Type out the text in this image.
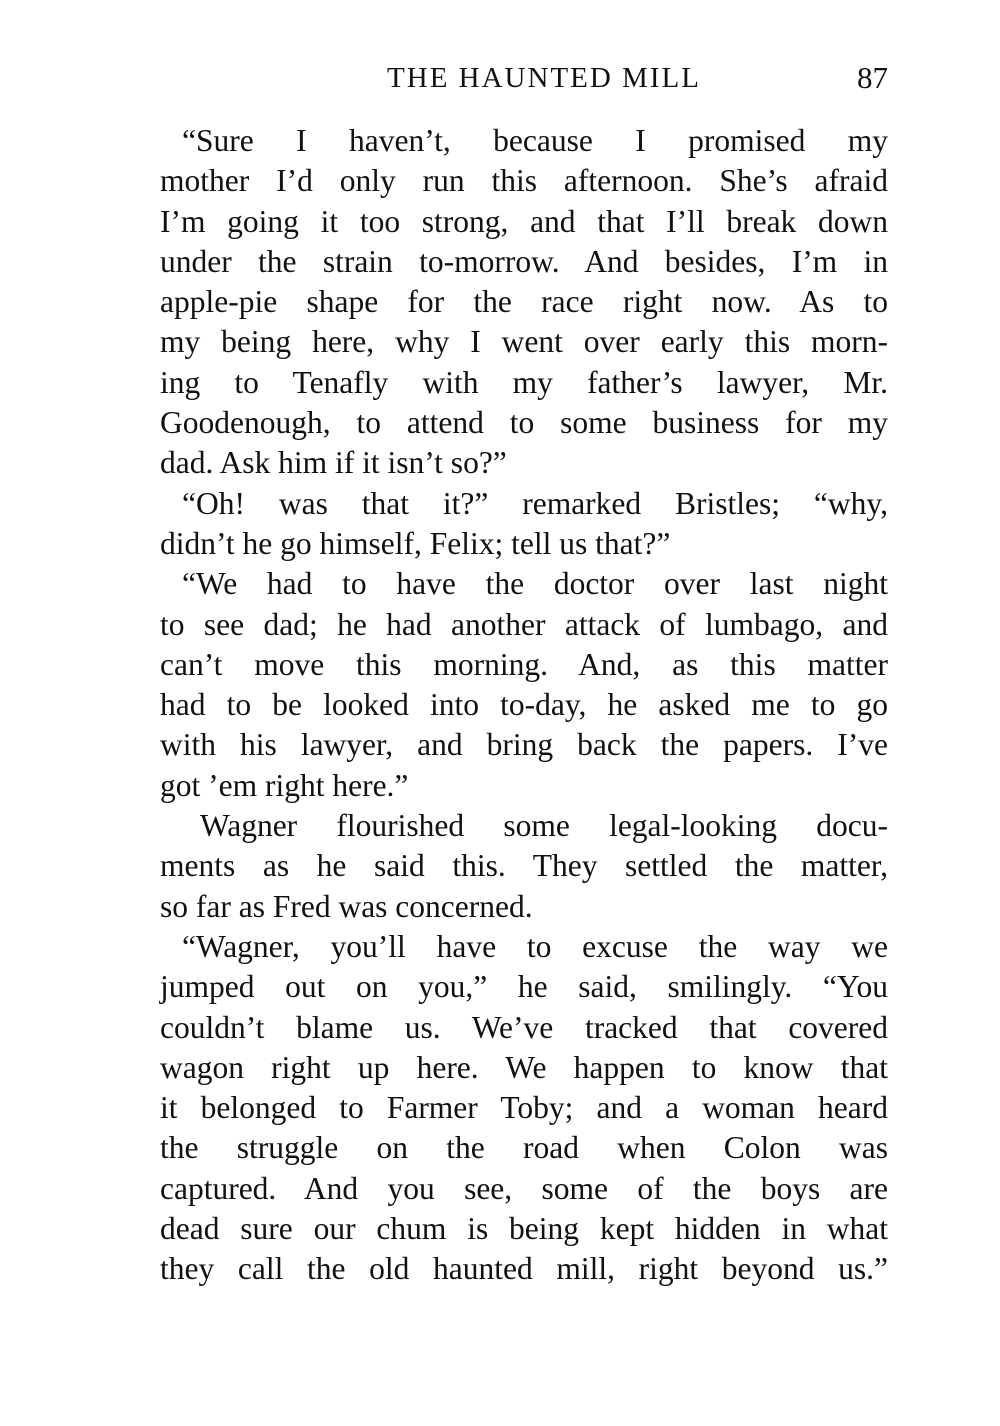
THE HAUNTED MILL	87
“Sure I haven’t, because I promised my
mother I’d only run this afternoon. She’s afraid
I’m going it too strong, and that I’ll break down
under the strain to-morrow. And besides, I’m in
apple-pie shape for the race right now. As to
my being here, why I went over early this morn-
ing to Tenafly with my father’s lawyer, Mr.
Goodenough, to attend to some business for my
dad. Ask him if it isn’t so?”
“Oh! was that it?” remarked Bristles; “why,
didn’t he go himself, Felix; tell us that?”
“We had to have the doctor over last night
to see dad; he had another attack of lumbago, and
can’t move this morning. And, as this matter
had to be looked into to-day, he asked me to go
with his lawyer, and bring back the papers. I’ve
got ’em right here.”
Wagner flourished some legal-looking docu-
ments as he said this. They settled the matter,
so far as Fred was concerned.
“Wagner, you’ll have to excuse the way we
jumped out on you,” he said, smilingly. “You
couldn’t blame us. We’ve tracked that covered
wagon right up here. We happen to know that
it belonged to Farmer Toby; and a woman heard
the struggle on the road when Colon was
captured. And you see, some of the boys are
dead sure our chum is being kept hidden in what
they call the old haunted mill, right beyond us.”
